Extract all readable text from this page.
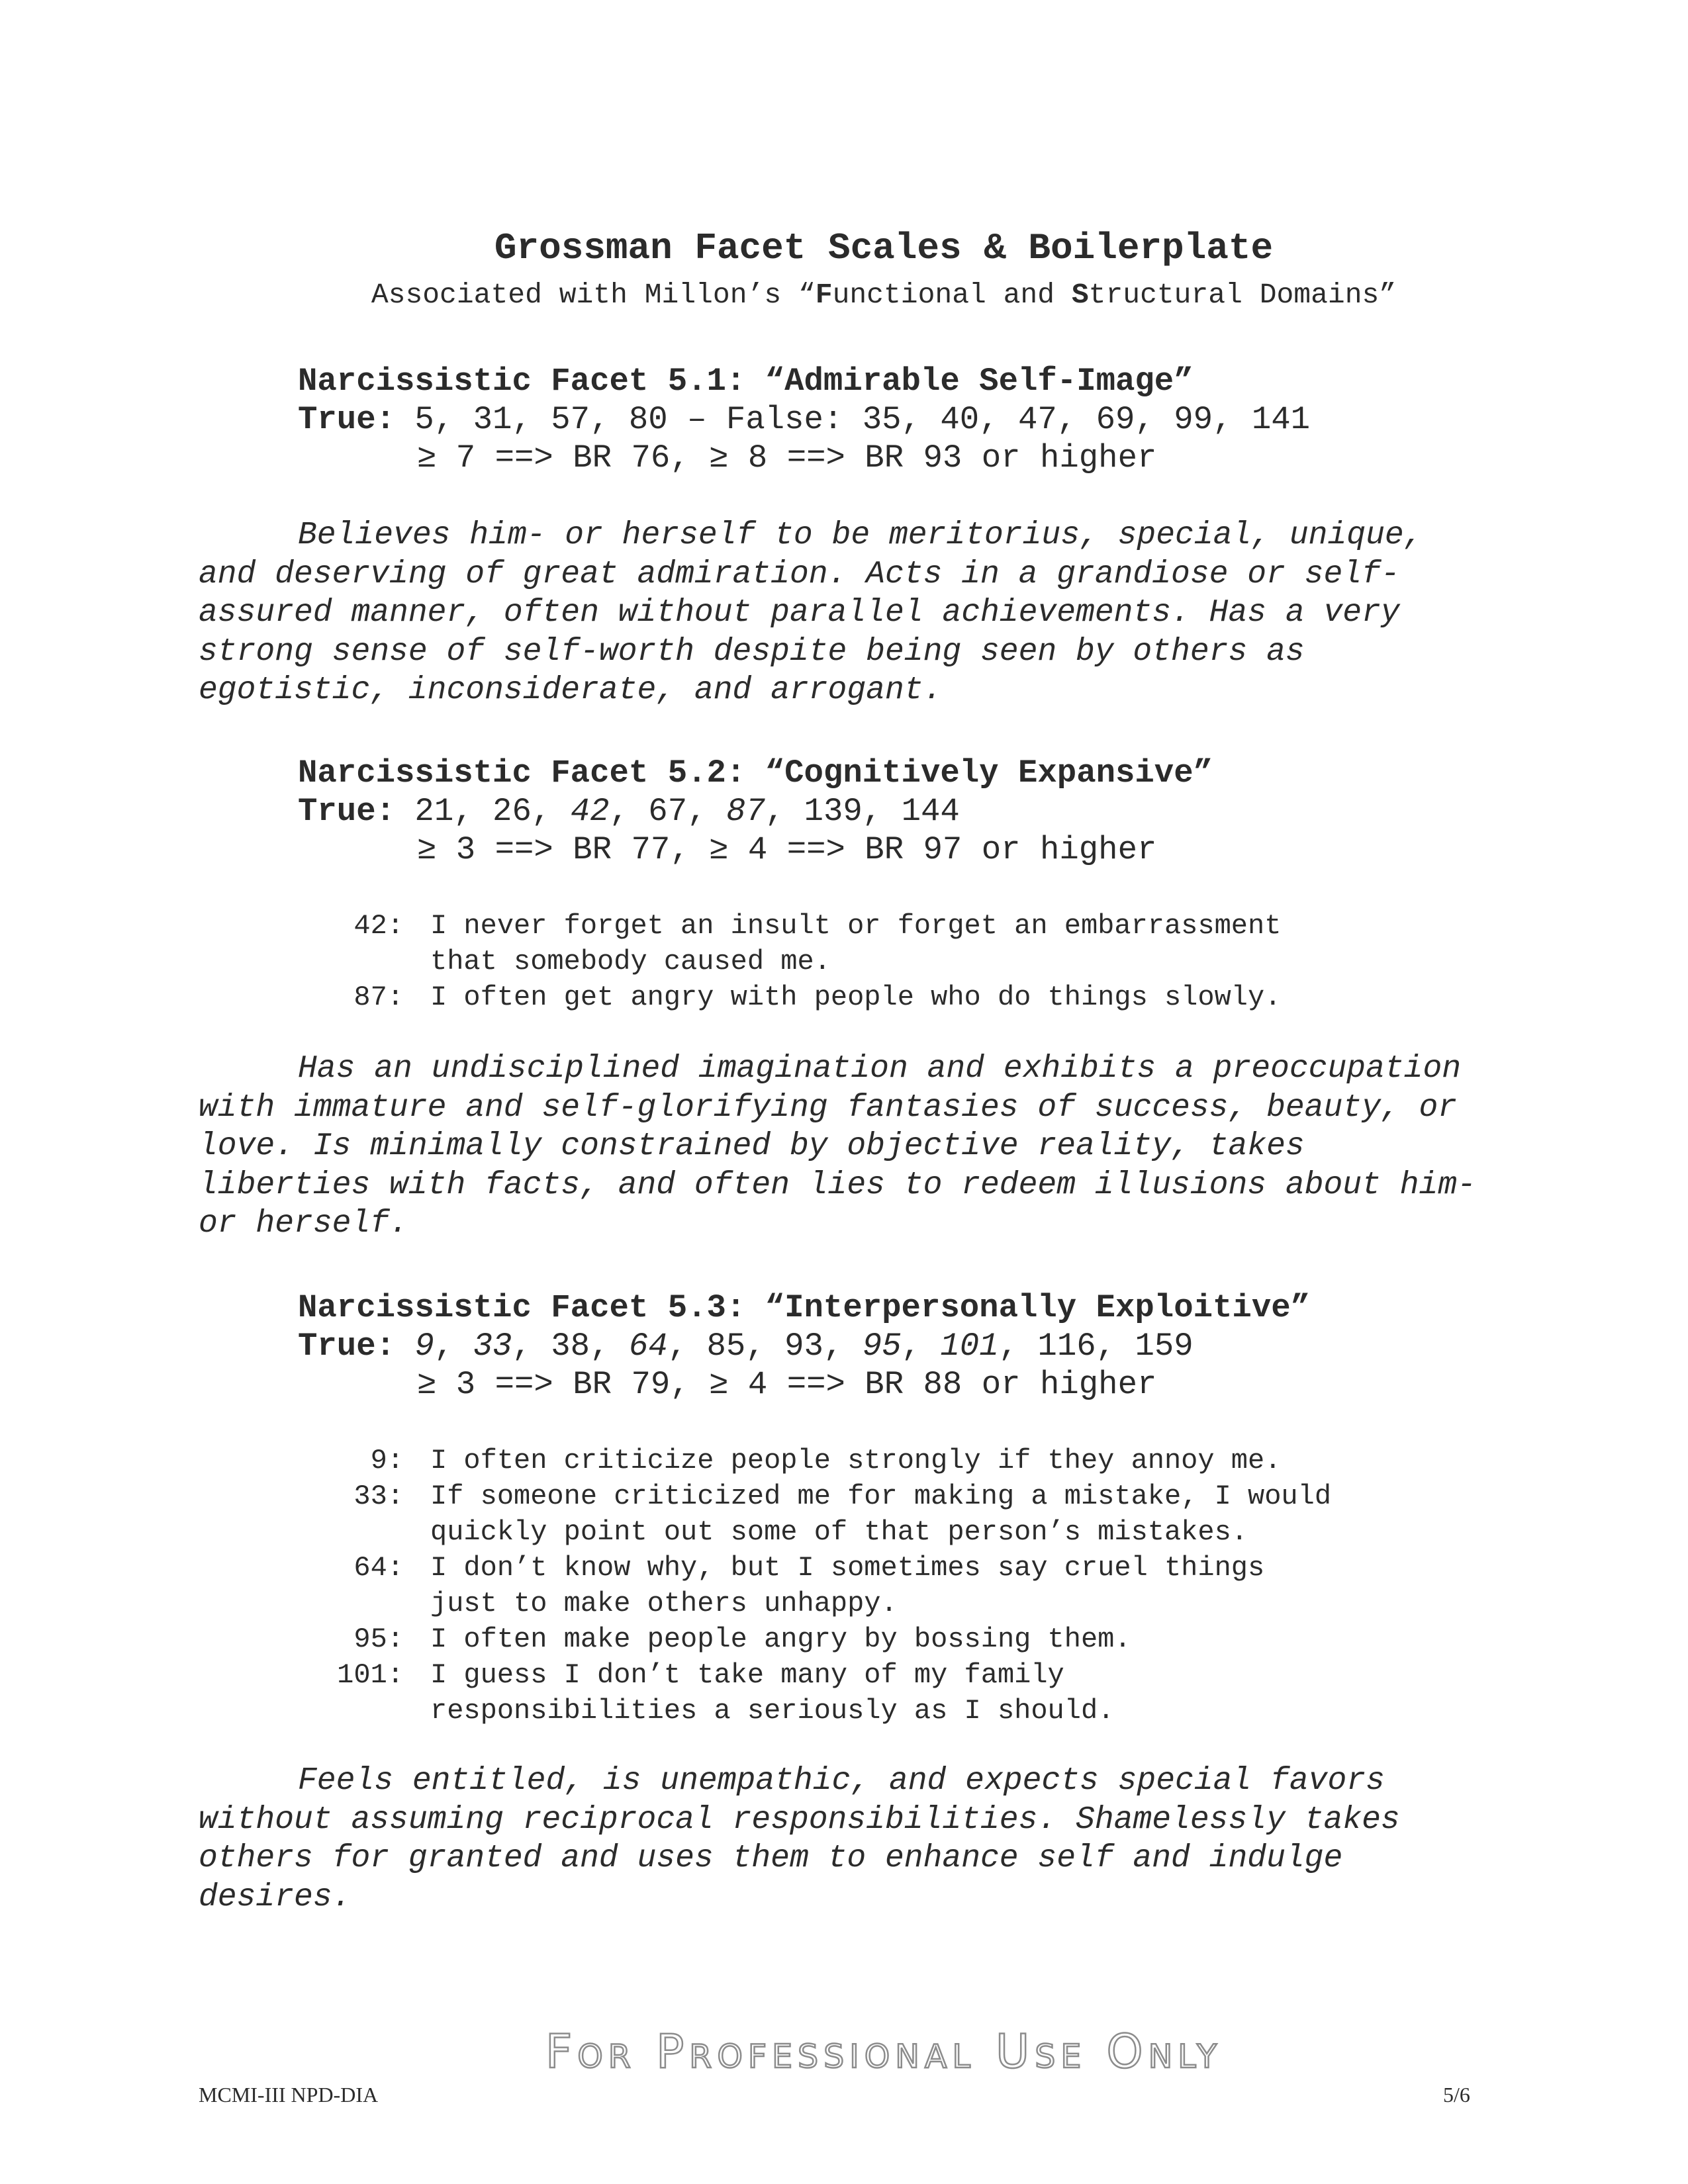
Grossman Facet Scales & Boilerplate
Associated with Millon’s “Functional and Structural Domains”
Narcissistic Facet 5.1: “Admirable Self-Image”
True: 5, 31, 57, 80 – False: 35, 40, 47, 69, 99, 141
≥ 7 ==> BR 76, ≥ 8 ==> BR 93 or higher
Believes him- or herself to be meritorius, special, unique, and deserving of great admiration. Acts in a grandiose or self-assured manner, often without parallel achievements. Has a very strong sense of self-worth despite being seen by others as egotistic, inconsiderate, and arrogant.
Narcissistic Facet 5.2: “Cognitively Expansive”
True: 21, 26, 42, 67, 87, 139, 144
≥ 3 ==> BR 77, ≥ 4 ==> BR 97 or higher
42: I never forget an insult or forget an embarrassment
that somebody caused me.
87: I often get angry with people who do things slowly.
Has an undisciplined imagination and exhibits a preoccupation with immature and self-glorifying fantasies of success, beauty, or love. Is minimally constrained by objective reality, takes liberties with facts, and often lies to redeem illusions about him- or herself.
Narcissistic Facet 5.3: “Interpersonally Exploitive”
True: 9, 33, 38, 64, 85, 93, 95, 101, 116, 159
≥ 3 ==> BR 79, ≥ 4 ==> BR 88 or higher
9: I often criticize people strongly if they annoy me.
33: If someone criticized me for making a mistake, I would
quickly point out some of that person’s mistakes.
64: I don’t know why, but I sometimes say cruel things
just to make others unhappy.
95: I often make people angry by bossing them.
101: I guess I don’t take many of my family
responsibilities a seriously as I should.
Feels entitled, is unempathic, and expects special favors without assuming reciprocal responsibilities. Shamelessly takes others for granted and uses them to enhance self and indulge desires.
For Professional Use Only
MCMI-III NPD-DIA	5/6
